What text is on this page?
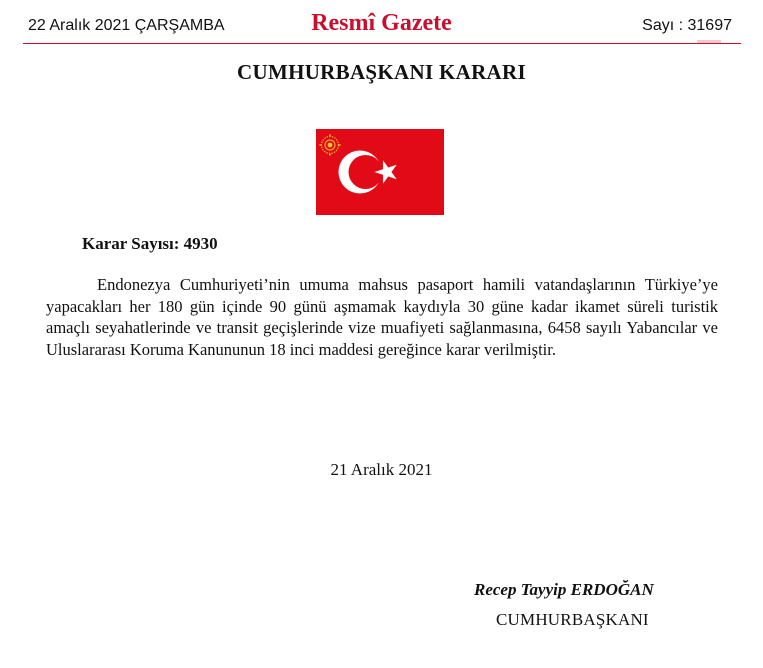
22 Aralık 2021 ÇARŞAMBA	Resmî Gazete	Sayı : 31697
CUMHURBAŞKANI KARARI
Karar Sayısı: 4930
Endonezya Cumhuriyeti’nin umuma mahsus pasaport hamili vatandaşlarının Türkiye’ye yapacakları her 180 gün içinde 90 günü aşmamak kaydıyla 30 güne kadar ikamet süreli turistik amaçlı seyahatlerinde ve transit geçişlerinde vize muafiyeti sağlanmasına, 6458 sayılı Yabancılar ve Uluslararası Koruma Kanununun 18 inci maddesi gereğince karar verilmiştir.
21 Aralık 2021
Recep Tayyip ERDOĞAN
CUMHURBAŞKANI
